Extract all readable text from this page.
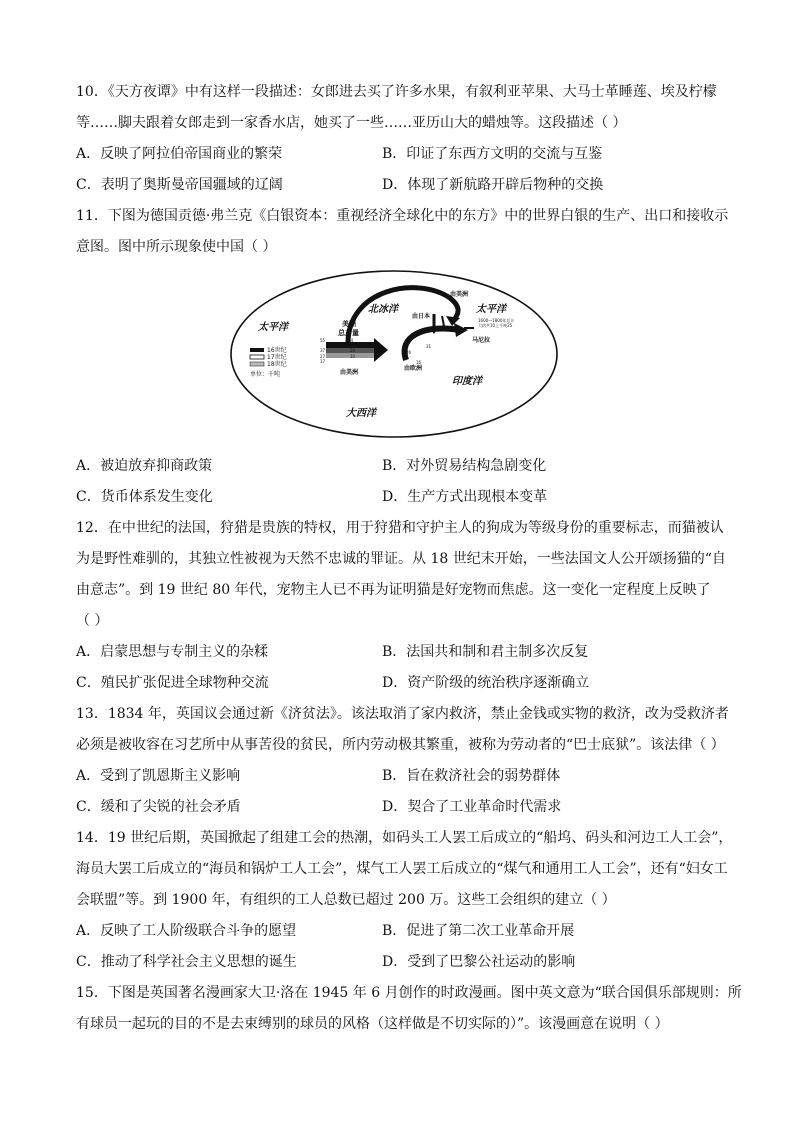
10．《天方夜谭》中有这样一段描述：女郎进去买了许多水果，有叙利亚苹果、大马士革睡莲、埃及柠檬
等……脚夫跟着女郎走到一家香水店，她买了一些……亚历山大的蜡烛等。这段描述（ ）
A．反映了阿拉伯帝国商业的繁荣	B．印证了东西方文明的交流与互鉴
C．表明了奥斯曼帝国疆域的辽阔	D．体现了新航路开辟后物种的交换
11．下图为德国贡德·弗兰克《白银资本：重视经济全球化中的东方》中的世界白银的生产、出口和接收示
意图。图中所示现象使中国（ ）
太平洋
北冰洋	太平洋
印度洋
大西洋
美洲
总产量
由美洲
由日本
马尼拉
由美洲
由欧洲
1600—1800年总计
大约共10上千吨25
55	54
37
27
17
20
10
26
16
31
16世纪
17世纪
18世纪
单位：千吨
A．被迫放弃抑商政策	B．对外贸易结构急剧变化
C．货币体系发生变化	D．生产方式出现根本变革
12．在中世纪的法国，狩猎是贵族的特权，用于狩猎和守护主人的狗成为等级身份的重要标志，而猫被认
为是野性难驯的，其独立性被视为天然不忠诚的罪证。从 18 世纪末开始，一些法国文人公开颂扬猫的“自
由意志”。到 19 世纪 80 年代，宠物主人已不再为证明猫是好宠物而焦虑。这一变化一定程度上反映了
（ ）
A．启蒙思想与专制主义的杂糅	B．法国共和制和君主制多次反复
C．殖民扩张促进全球物种交流	D．资产阶级的统治秩序逐渐确立
13．1834 年，英国议会通过新《济贫法》。该法取消了家内救济，禁止金钱或实物的救济，改为受救济者
必须是被收容在习艺所中从事苦役的贫民，所内劳动极其繁重，被称为劳动者的“巴士底狱”。该法律（ ）
A．受到了凯恩斯主义影响	B．旨在救济社会的弱势群体
C．缓和了尖锐的社会矛盾	D．契合了工业革命时代需求
14．19 世纪后期，英国掀起了组建工会的热潮，如码头工人罢工后成立的“船坞、码头和河边工人工会”，
海员大罢工后成立的“海员和锅炉工人工会”，煤气工人罢工后成立的“煤气和通用工人工会”，还有“妇女工
会联盟”等。到 1900 年，有组织的工人总数已超过 200 万。这些工会组织的建立（ ）
A．反映了工人阶级联合斗争的愿望	B．促进了第二次工业革命开展
C．推动了科学社会主义思想的诞生	D．受到了巴黎公社运动的影响
15．下图是英国著名漫画家大卫·洛在 1945 年 6 月创作的时政漫画。图中英文意为“联合国俱乐部规则：所
有球员一起玩的目的不是去束缚别的球员的风格（这样做是不切实际的）”。该漫画意在说明（ ）
